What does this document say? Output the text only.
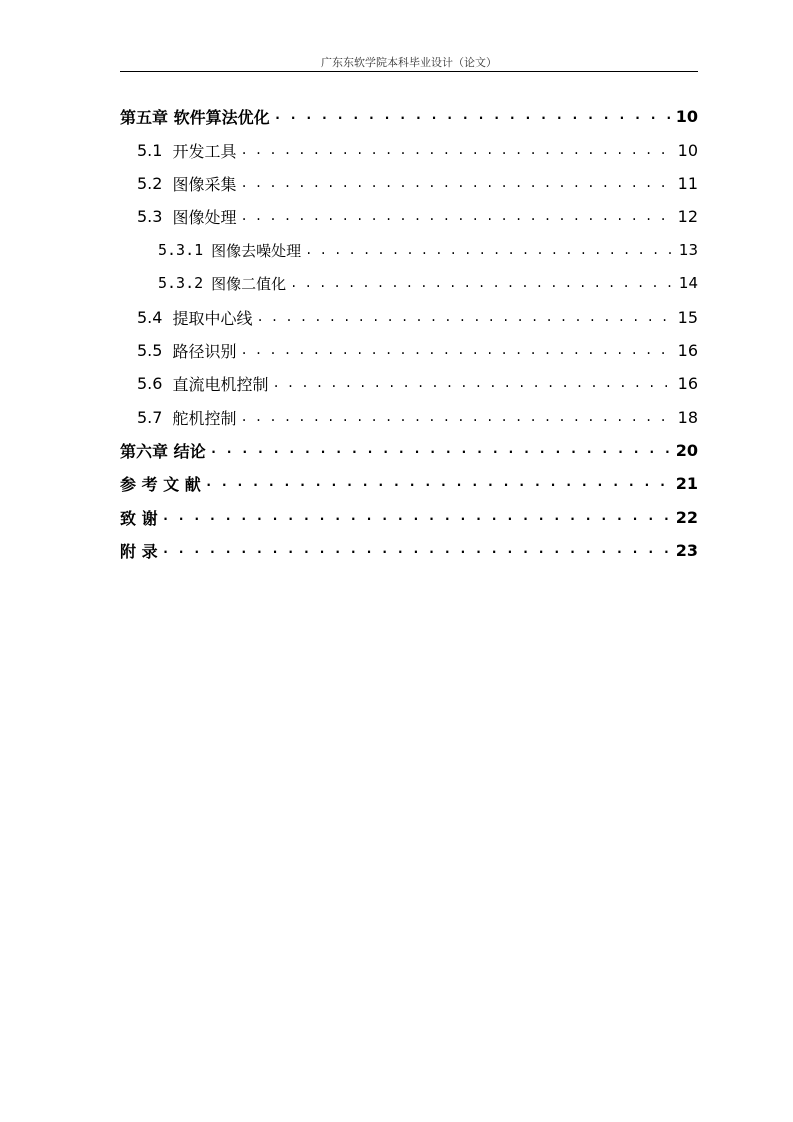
广东东软学院本科毕业设计（论文）
第五章 软件算法优化 . . .	10
5.1 开发工具 . . .	10
5.2 图像采集 . . .	11
5.3 图像处理 . . .	12
5.3.1 图像去噪处理 . . .	13
5.3.2 图像二值化 . . .	14
5.4 提取中心线 . . .	15
5.5 路径识别 . . .	16
5.6 直流电机控制 . . .	16
5.7 舵机控制 . . .	18
第六章 结论 . . .	20
参 考 文 献 . . .	21
致 谢 . . .	22
附 录 . . .	23
